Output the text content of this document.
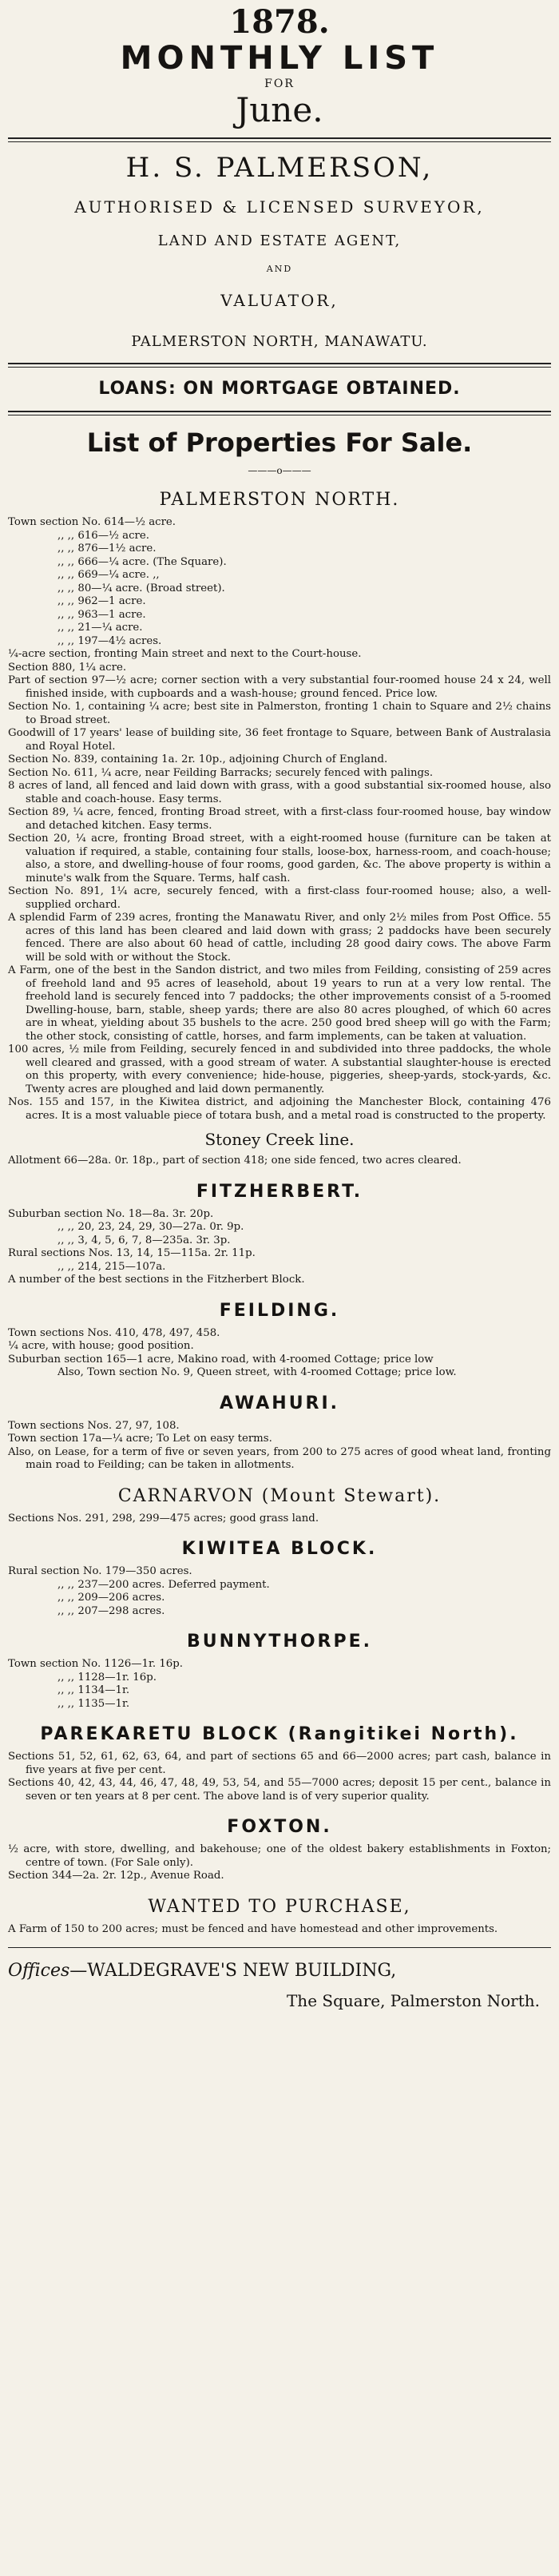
1878.
MONTHLY LIST
FOR
June.
H. S. PALMERSON,
AUTHORISED & LICENSED SURVEYOR,
LAND AND ESTATE AGENT,
AND
VALUATOR,
PALMERSTON NORTH, MANAWATU.
LOANS: ON MORTGAGE OBTAINED.
List of Properties For Sale.
———o———
PALMERSTON NORTH.
Town section No. 614—½ acre.
,, ,, 616—½ acre.
,, ,, 876—1½ acre.
,, ,, 666—¼ acre. (The Square).
,, ,, 669—¼ acre. ,,
,, ,, 80—¼ acre. (Broad street).
,, ,, 962—1 acre.
,, ,, 963—1 acre.
,, ,, 21—¼ acre.
,, ,, 197—4½ acres.
¼-acre section, fronting Main street and next to the Court-house.
Section 880, 1¼ acre.
Part of section 97—½ acre; corner section with a very substantial four-roomed house 24 x 24, well finished inside, with cupboards and a wash-house; ground fenced. Price low.
Section No. 1, containing ¼ acre; best site in Palmerston, fronting 1 chain to Square and 2½ chains to Broad street.
Goodwill of 17 years' lease of building site, 36 feet frontage to Square, between Bank of Australasia and Royal Hotel.
Section No. 839, containing 1a. 2r. 10p., adjoining Church of England.
Section No. 611, ¼ acre, near Feilding Barracks; securely fenced with palings.
8 acres of land, all fenced and laid down with grass, with a good substantial six-roomed house, also stable and coach-house. Easy terms.
Section 89, ¼ acre, fenced, fronting Broad street, with a first-class four-roomed house, bay window and detached kitchen. Easy terms.
Section 20, ¼ acre, fronting Broad street, with a eight-roomed house (furniture can be taken at valuation if required, a stable, containing four stalls, loose-box, harness-room, and coach-house; also, a store, and dwelling-house of four rooms, good garden, &c. The above property is within a minute's walk from the Square. Terms, half cash.
Section No. 891, 1¼ acre, securely fenced, with a first-class four-roomed house; also, a well-supplied orchard.
A splendid Farm of 239 acres, fronting the Manawatu River, and only 2½ miles from Post Office. 55 acres of this land has been cleared and laid down with grass; 2 paddocks have been securely fenced. There are also about 60 head of cattle, including 28 good dairy cows. The above Farm will be sold with or without the Stock.
A Farm, one of the best in the Sandon district, and two miles from Feilding, consisting of 259 acres of freehold land and 95 acres of leasehold, about 19 years to run at a very low rental. The freehold land is securely fenced into 7 paddocks; the other improvements consist of a 5-roomed Dwelling-house, barn, stable, sheep yards; there are also 80 acres ploughed, of which 60 acres are in wheat, yielding about 35 bushels to the acre. 250 good bred sheep will go with the Farm; the other stock, consisting of cattle, horses, and farm implements, can be taken at valuation.
100 acres, ½ mile from Feilding, securely fenced in and subdivided into three paddocks, the whole well cleared and grassed, with a good stream of water. A substantial slaughter-house is erected on this property, with every convenience; hide-house, piggeries, sheep-yards, stock-yards, &c. Twenty acres are ploughed and laid down permanently.
Nos. 155 and 157, in the Kiwitea district, and adjoining the Manchester Block, containing 476 acres. It is a most valuable piece of totara bush, and a metal road is constructed to the property.
Stoney Creek line.
Allotment 66—28a. 0r. 18p., part of section 418; one side fenced, two acres cleared.
FITZHERBERT.
Suburban section No. 18—8a. 3r. 20p.
,, ,, 20, 23, 24, 29, 30—27a. 0r. 9p.
,, ,, 3, 4, 5, 6, 7, 8—235a. 3r. 3p.
Rural sections Nos. 13, 14, 15—115a. 2r. 11p.
,, ,, 214, 215—107a.
A number of the best sections in the Fitzherbert Block.
FEILDING.
Town sections Nos. 410, 478, 497, 458.
¼ acre, with house; good position.
Suburban section 165—1 acre, Makino road, with 4-roomed Cottage; price low
Also, Town section No. 9, Queen street, with 4-roomed Cottage; price low.
AWAHURI.
Town sections Nos. 27, 97, 108.
Town section 17a—¼ acre; To Let on easy terms.
Also, on Lease, for a term of five or seven years, from 200 to 275 acres of good wheat land, fronting main road to Feilding; can be taken in allotments.
CARNARVON (Mount Stewart).
Sections Nos. 291, 298, 299—475 acres; good grass land.
KIWITEA BLOCK.
Rural section No. 179—350 acres.
,, ,, 237—200 acres. Deferred payment.
,, ,, 209—206 acres.
,, ,, 207—298 acres.
BUNNYTHORPE.
Town section No. 1126—1r. 16p.
,, ,, 1128—1r. 16p.
,, ,, 1134—1r.
,, ,, 1135—1r.
PAREKARETU BLOCK (Rangitikei North).
Sections 51, 52, 61, 62, 63, 64, and part of sections 65 and 66—2000 acres; part cash, balance in five years at five per cent.
Sections 40, 42, 43, 44, 46, 47, 48, 49, 53, 54, and 55—7000 acres; deposit 15 per cent., balance in seven or ten years at 8 per cent. The above land is of very superior quality.
FOXTON.
½ acre, with store, dwelling, and bakehouse; one of the oldest bakery establishments in Foxton; centre of town. (For Sale only).
Section 344—2a. 2r. 12p., Avenue Road.
WANTED TO PURCHASE,
A Farm of 150 to 200 acres; must be fenced and have homestead and other improvements.
Offices—WALDEGRAVE'S NEW BUILDING,
The Square, Palmerston North.
